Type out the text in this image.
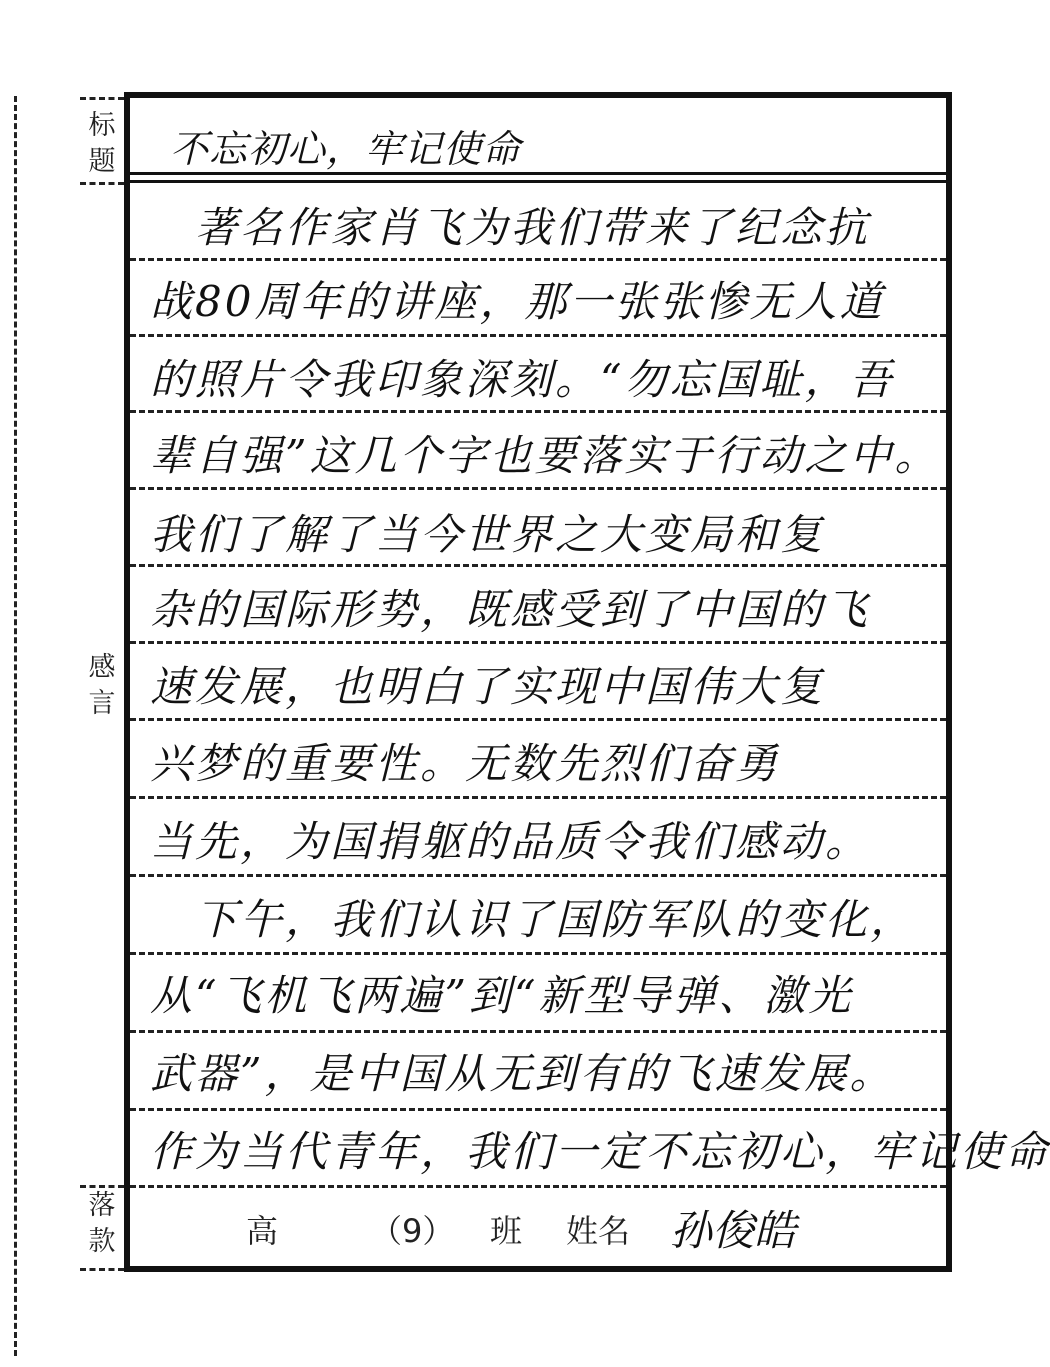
标
题
感
言
落
款
不忘初心，牢记使命
　著名作家肖飞为我们带来了纪念抗
战80周年的讲座，那一张张惨无人道
的照片令我印象深刻。“勿忘国耻，吾
辈自强”这几个字也要落实于行动之中。
我们了解了当今世界之大变局和复
杂的国际形势，既感受到了中国的飞
速发展，也明白了实现中国伟大复
兴梦的重要性。无数先烈们奋勇
当先，为国捐躯的品质令我们感动。
　下午，我们认识了国防军队的变化，
从“飞机飞两遍”到“新型导弹、激光
武器”，是中国从无到有的飞速发展。
作为当代青年，我们一定不忘初心，牢记使命
高	（9） 班 姓名 孙俊皓
